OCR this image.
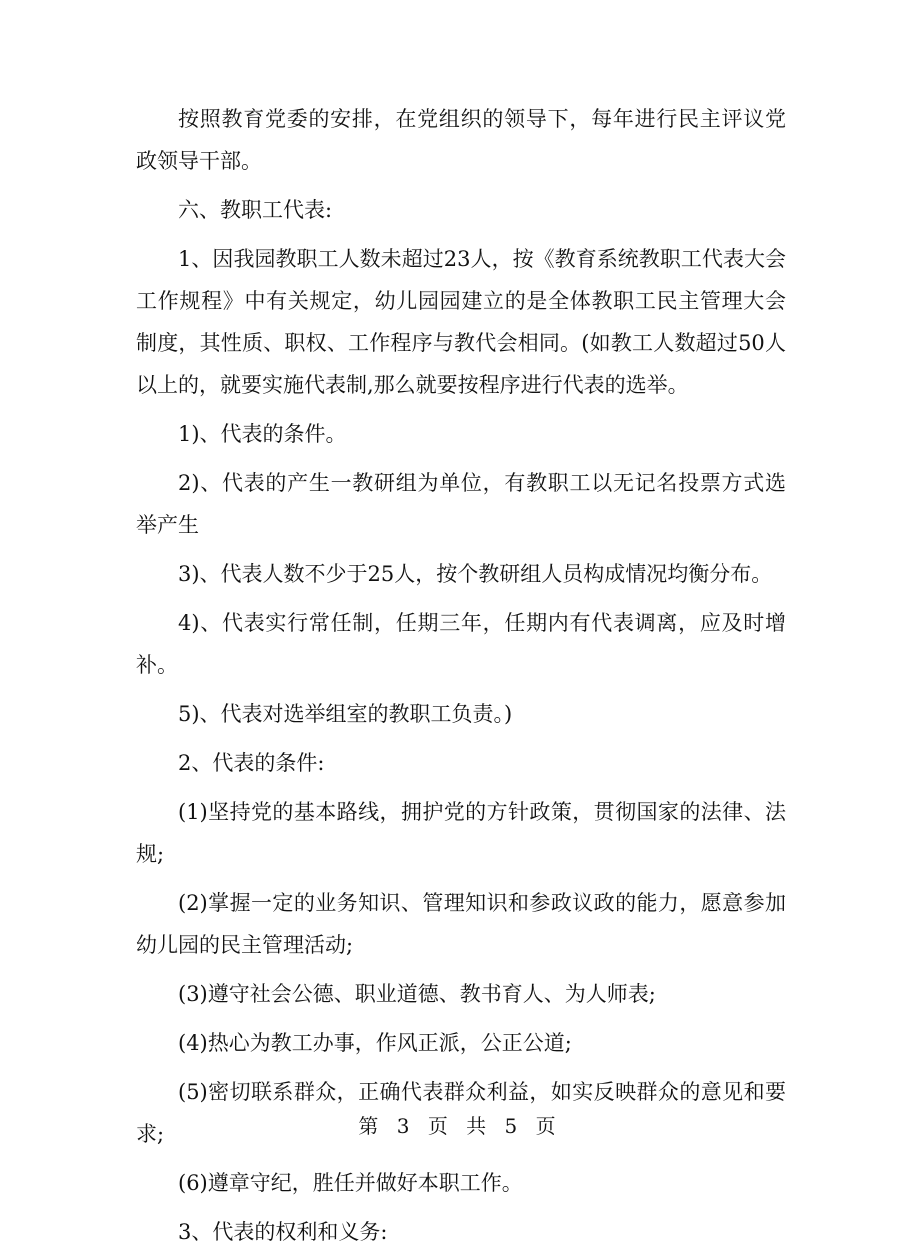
按照教育党委的安排，在党组织的领导下，每年进行民主评议党政领导干部。

六、教职工代表:

1、因我园教职工人数未超过23人，按《教育系统教职工代表大会工作规程》中有关规定，幼儿园园建立的是全体教职工民主管理大会制度，其性质、职权、工作程序与教代会相同。(如教工人数超过50人以上的，就要实施代表制,那么就要按程序进行代表的选举。

1)、代表的条件。

2)、代表的产生一教研组为单位，有教职工以无记名投票方式选举产生

3)、代表人数不少于25人，按个教研组人员构成情况均衡分布。

4)、代表实行常任制，任期三年，任期内有代表调离，应及时增补。

5)、代表对选举组室的教职工负责。)

2、代表的条件:

(1)坚持党的基本路线，拥护党的方针政策，贯彻国家的法律、法规;

(2)掌握一定的业务知识、管理知识和参政议政的能力，愿意参加幼儿园的民主管理活动;

(3)遵守社会公德、职业道德、教书育人、为人师表;

(4)热心为教工办事，作风正派，公正公道;

(5)密切联系群众，正确代表群众利益，如实反映群众的意见和要求;

(6)遵章守纪，胜任并做好本职工作。

3、代表的权利和义务:

第 3 页 共 5 页
